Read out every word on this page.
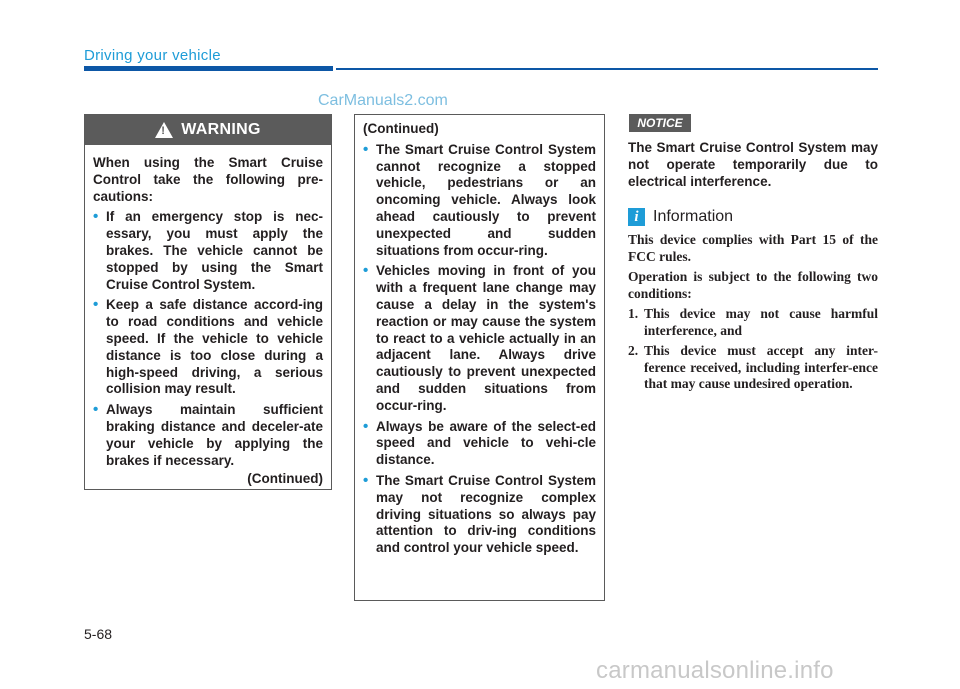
Driving your vehicle
CarManuals2.com
!
WARNING

When using the Smart Cruise Control take the following pre-cautions:

• If an emergency stop is nec-essary, you must apply the brakes. The vehicle cannot be stopped by using the Smart Cruise Control System.

• Keep a safe distance accord-ing to road conditions and vehicle speed. If the vehicle to vehicle distance is too close during a high-speed driving, a serious collision may result.

• Always maintain sufficient braking distance and deceler-ate your vehicle by applying the brakes if necessary.

(Continued)
(Continued)

• The Smart Cruise Control System cannot recognize a stopped vehicle, pedestrians or an oncoming vehicle. Always look ahead cautiously to prevent unexpected and sudden situations from occur-ring.

• Vehicles moving in front of you with a frequent lane change may cause a delay in the system's reaction or may cause the system to react to a vehicle actually in an adjacent lane. Always drive cautiously to prevent unexpected and sudden situations from occur-ring.

• Always be aware of the select-ed speed and vehicle to vehi-cle distance.

• The Smart Cruise Control System may not recognize complex driving situations so always pay attention to driv-ing conditions and control your vehicle speed.

NOTICE
The Smart Cruise Control System may not operate temporarily due to electrical interference.
i Information

This device complies with Part 15 of the FCC rules.

Operation is subject to the following two conditions:

1. This device may not cause harmful interference, and
2. This device must accept any inter-ference received, including interfer-ence that may cause undesired operation.
5-68
carmanualsonline.info
